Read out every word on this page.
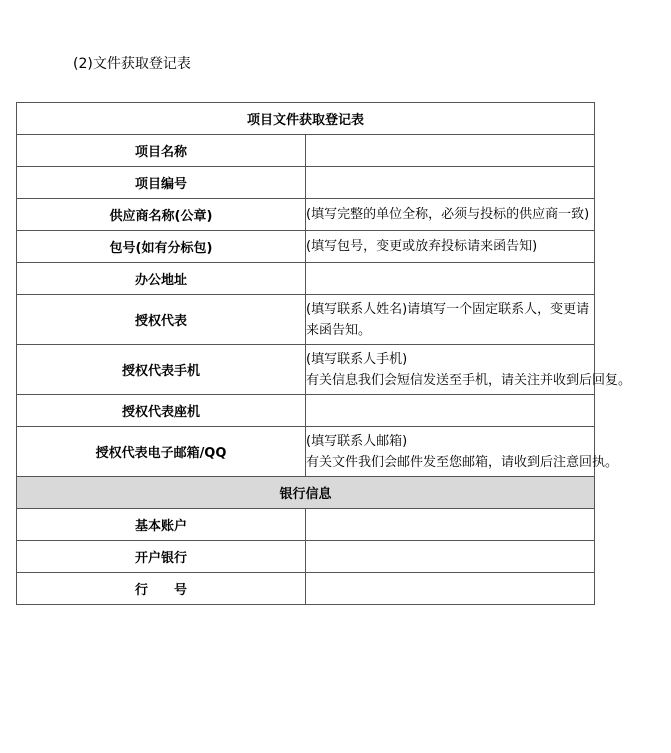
(2)文件获取登记表
项目文件获取登记表	
项目名称	
项目编号	
供应商名称(公章)	(填写完整的单位全称，必须与投标的供应商一致)

包号(如有分标包)	(填写包号，变更或放弃投标请来函告知)

办公地址	
授权代表	(填写联系人姓名)请填写一个固定联系人，变更请来函告知。

授权代表手机	(填写联系人手机)
有关信息我们会短信发送至手机，请关注并收到后回复。

授权代表座机	
授权代表电子邮箱/QQ	(填写联系人邮箱)
有关文件我们会邮件发至您邮箱，请收到后注意回执。

银行信息	
基本账户	
开户银行	
行　　号	
